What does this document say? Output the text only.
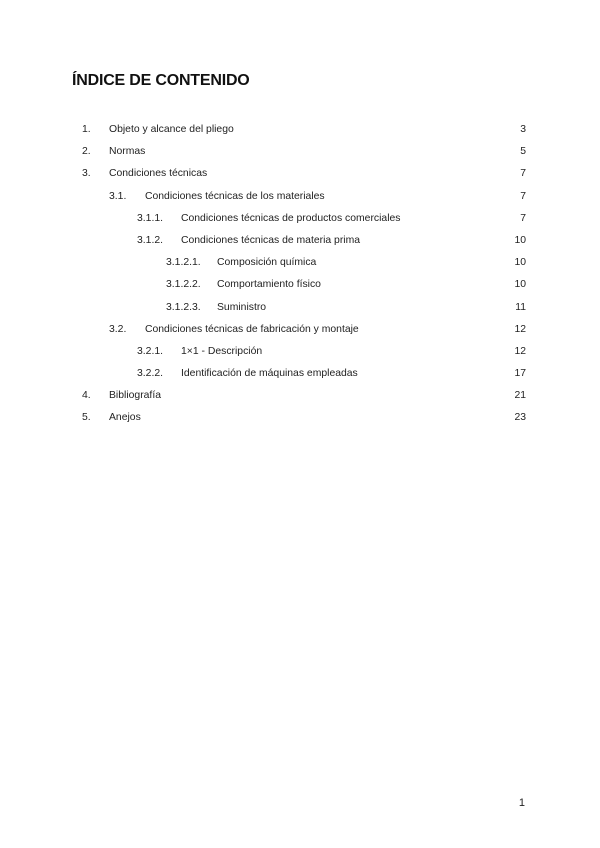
ÍNDICE DE CONTENIDO
1. Objeto y alcance del pliego	3
2. Normas	5
3. Condiciones técnicas	7
3.1. Condiciones técnicas de los materiales	7
3.1.1. Condiciones técnicas de productos comerciales	7
3.1.2. Condiciones técnicas de materia prima	10
3.1.2.1. Composición química	10
3.1.2.2. Comportamiento físico	10
3.1.2.3. Suministro	11
3.2. Condiciones técnicas de fabricación y montaje	12
3.2.1. 1×1 - Descripción	12
3.2.2. Identificación de máquinas empleadas	17
4. Bibliografía	21
5. Anejos	23
1
